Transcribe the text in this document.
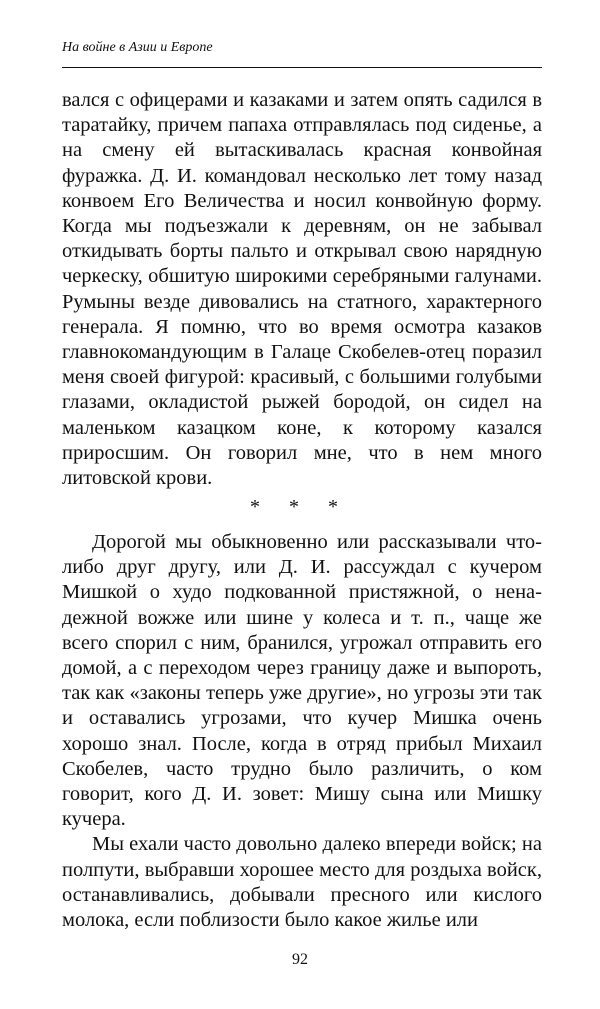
На войне в Азии и Европе

вался с офицерами и казаками и затем опять садился в таратайку, причем папаха отправлялась под сиденье, а на смену ей вытаскивалась красная конвойная фуражка. Д. И. командовал несколько лет тому назад конвоем Его Величества и носил конвойную форму. Когда мы подъезжали к деревням, он не забывал откидывать борты пальто и открывал свою нарядную черкеску, обшитую широкими серебряными галунами. Румыны везде дивовались на статного, характерного генерала. Я помню, что во время осмотра казаков главнокомандующим в Галаце Скобелев-отец поразил меня своей фигурой: красивый, с большими голубыми глазами, окладистой рыжей бородой, он сидел на маленьком казацком коне, к которому казался приросшим. Он говорил мне, что в нем много литовской крови.

* * *

Дорогой мы обыкновенно или рассказывали что-либо друг другу, или Д. И. рассуждал с кучером Мишкой о худо подкованной пристяжной, о ненадежной вожже или шине у колеса и т. п., чаще же всего спорил с ним, бранился, угрожал отправить его домой, а с переходом через границу даже и выпороть, так как «законы теперь уже другие», но угрозы эти так и оставались угрозами, что кучер Мишка очень хорошо знал. После, когда в отряд прибыл Михаил Скобелев, часто трудно было различить, о ком говорит, кого Д. И. зовет: Мишу сына или Мишку кучера.

Мы ехали часто довольно далеко впереди войск; на полпути, выбравши хорошее место для роздыха войск, останавливались, добывали пресного или кислого молока, если поблизости было какое жилье или

92
